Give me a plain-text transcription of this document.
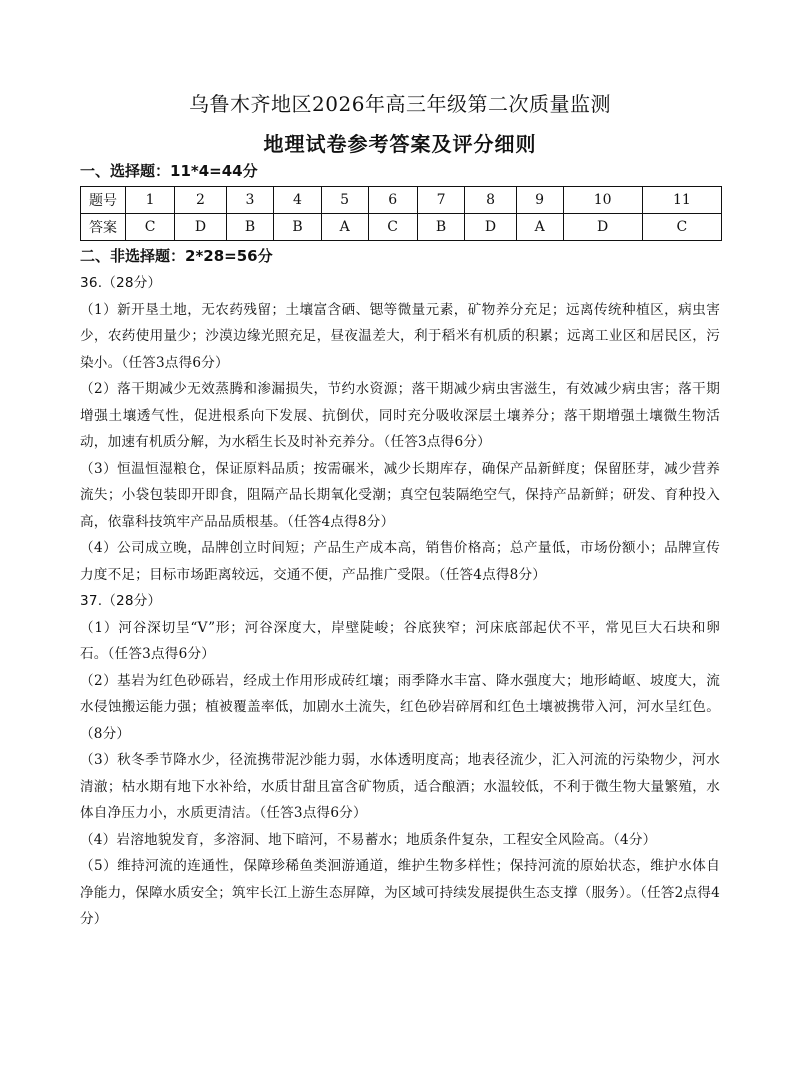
乌鲁木齐地区2026年高三年级第二次质量监测
地理试卷参考答案及评分细则
一、选择题：11*4=44分
题号	1	2	3	4	5	6	7	8	9	10	11
答案	C	D	B	B	A	C	B	D	A	D	C
二、非选择题：2*28=56分

36.（28分）

（1）新开垦土地，无农药残留；土壤富含硒、锶等微量元素，矿物养分充足；远离传统种植区，病虫害少，农药使用量少；沙漠边缘光照充足，昼夜温差大，利于稻米有机质的积累；远离工业区和居民区，污染小。（任答3点得6分）

（2）落干期减少无效蒸腾和渗漏损失，节约水资源；落干期减少病虫害滋生，有效减少病虫害；落干期增强土壤透气性，促进根系向下发展、抗倒伏，同时充分吸收深层土壤养分；落干期增强土壤微生物活动，加速有机质分解，为水稻生长及时补充养分。（任答3点得6分）

（3）恒温恒湿粮仓，保证原料品质；按需碾米，减少长期库存，确保产品新鲜度；保留胚芽，减少营养流失；小袋包装即开即食，阻隔产品长期氧化受潮；真空包装隔绝空气，保持产品新鲜；研发、育种投入高，依靠科技筑牢产品品质根基。（任答4点得8分）

（4）公司成立晚，品牌创立时间短；产品生产成本高，销售价格高；总产量低，市场份额小；品牌宣传力度不足；目标市场距离较远，交通不便，产品推广受限。（任答4点得8分）

37.（28分）

（1）河谷深切呈“V”形；河谷深度大，岸壁陡峻；谷底狭窄；河床底部起伏不平，常见巨大石块和卵石。（任答3点得6分）

（2）基岩为红色砂砾岩，经成土作用形成砖红壤；雨季降水丰富、降水强度大；地形崎岖、坡度大，流水侵蚀搬运能力强；植被覆盖率低，加剧水土流失，红色砂岩碎屑和红色土壤被携带入河，河水呈红色。（8分）

（3）秋冬季节降水少，径流携带泥沙能力弱，水体透明度高；地表径流少，汇入河流的污染物少，河水清澈；枯水期有地下水补给，水质甘甜且富含矿物质，适合酿酒；水温较低，不利于微生物大量繁殖，水体自净压力小，水质更清洁。（任答3点得6分）

（4）岩溶地貌发育，多溶洞、地下暗河，不易蓄水；地质条件复杂，工程安全风险高。（4分）

（5）维持河流的连通性，保障珍稀鱼类洄游通道，维护生物多样性；保持河流的原始状态，维护水体自净能力，保障水质安全；筑牢长江上游生态屏障，为区域可持续发展提供生态支撑（服务）。（任答2点得4分）
